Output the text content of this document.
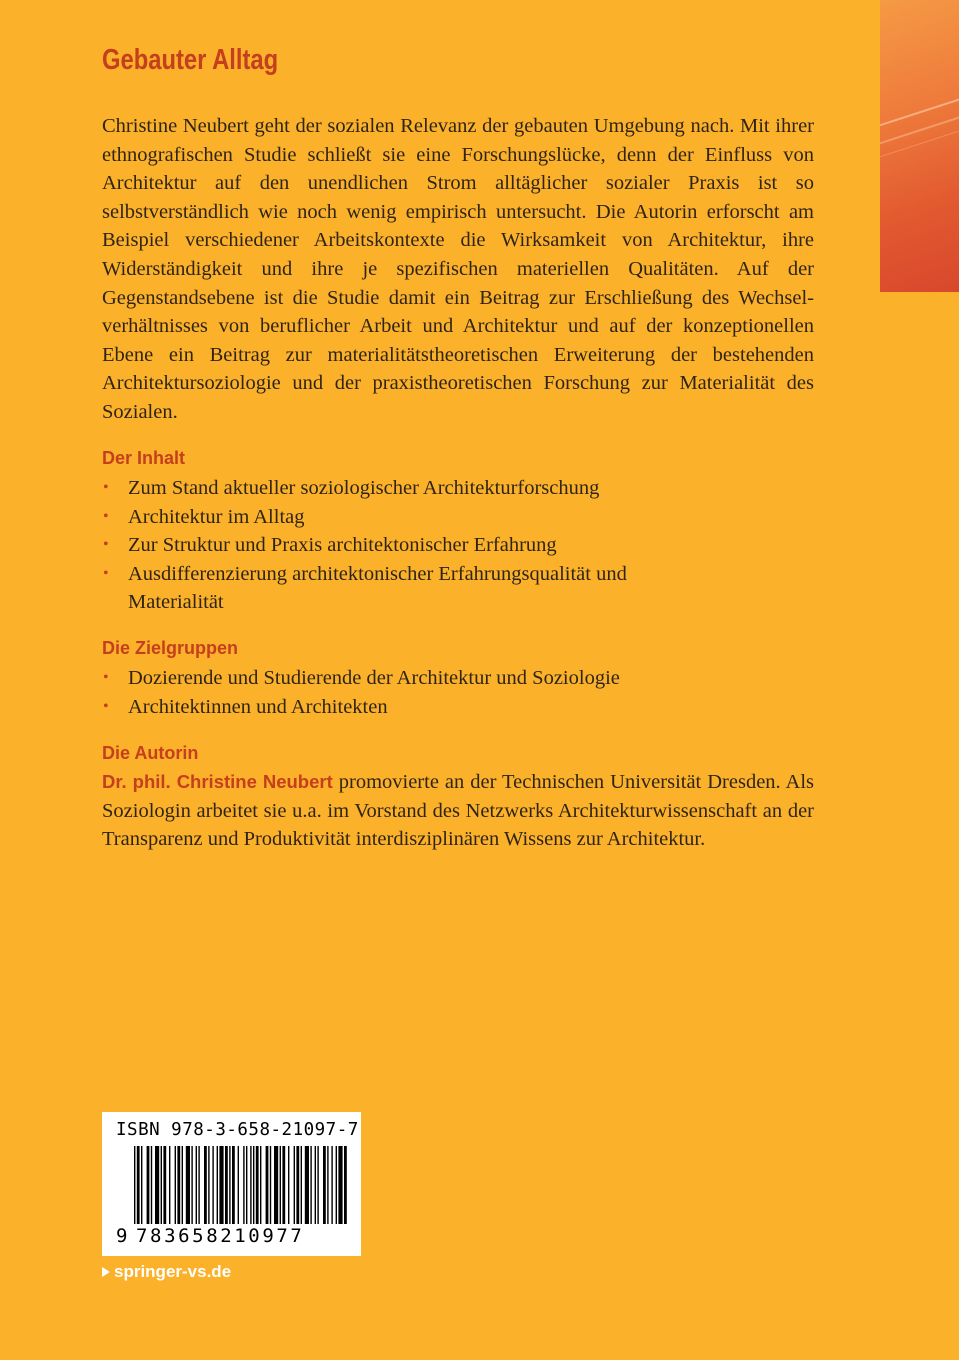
Gebauter Alltag

Christine Neubert geht der sozialen Relevanz der gebauten Umgebung nach. Mit ihrer ethnografischen Studie schließt sie eine Forschungslücke, denn der Einfluss von Architektur auf den unendlichen Strom alltäglicher sozialer Praxis ist so selbstverständlich wie noch wenig empirisch untersucht. Die Autorin erforscht am Beispiel verschiedener Arbeitskontexte die Wirksamkeit von Architektur, ihre Widerständigkeit und ihre je spezifischen materiellen Qualitäten. Auf der Gegenstandsebene ist die Studie damit ein Beitrag zur Erschließung des Wechselverhältnisses von beruflicher Arbeit und Architektur und auf der konzeptionellen Ebene ein Beitrag zur materialitätstheoretischen Erweiterung der bestehenden Architektursoziologie und der praxistheoretischen Forschung zur Materialität des Sozialen.

Der Inhalt
• Zum Stand aktueller soziologischer Architekturforschung
• Architektur im Alltag
• Zur Struktur und Praxis architektonischer Erfahrung
• Ausdifferenzierung architektonischer Erfahrungsqualität und Materialität
Die Zielgruppen
• Dozierende und Studierende der Architektur und Soziologie
• Architektinnen und Architekten
Die Autorin

Dr. phil. Christine Neubert promovierte an der Technischen Universität Dresden. Als Soziologin arbeitet sie u.a. im Vorstand des Netzwerks Architekturwissenschaft an der Transparenz und Produktivität interdisziplinären Wissens zur Architektur.

ISBN 978-3-658-21097-7
9 783658210977
springer-vs.de
